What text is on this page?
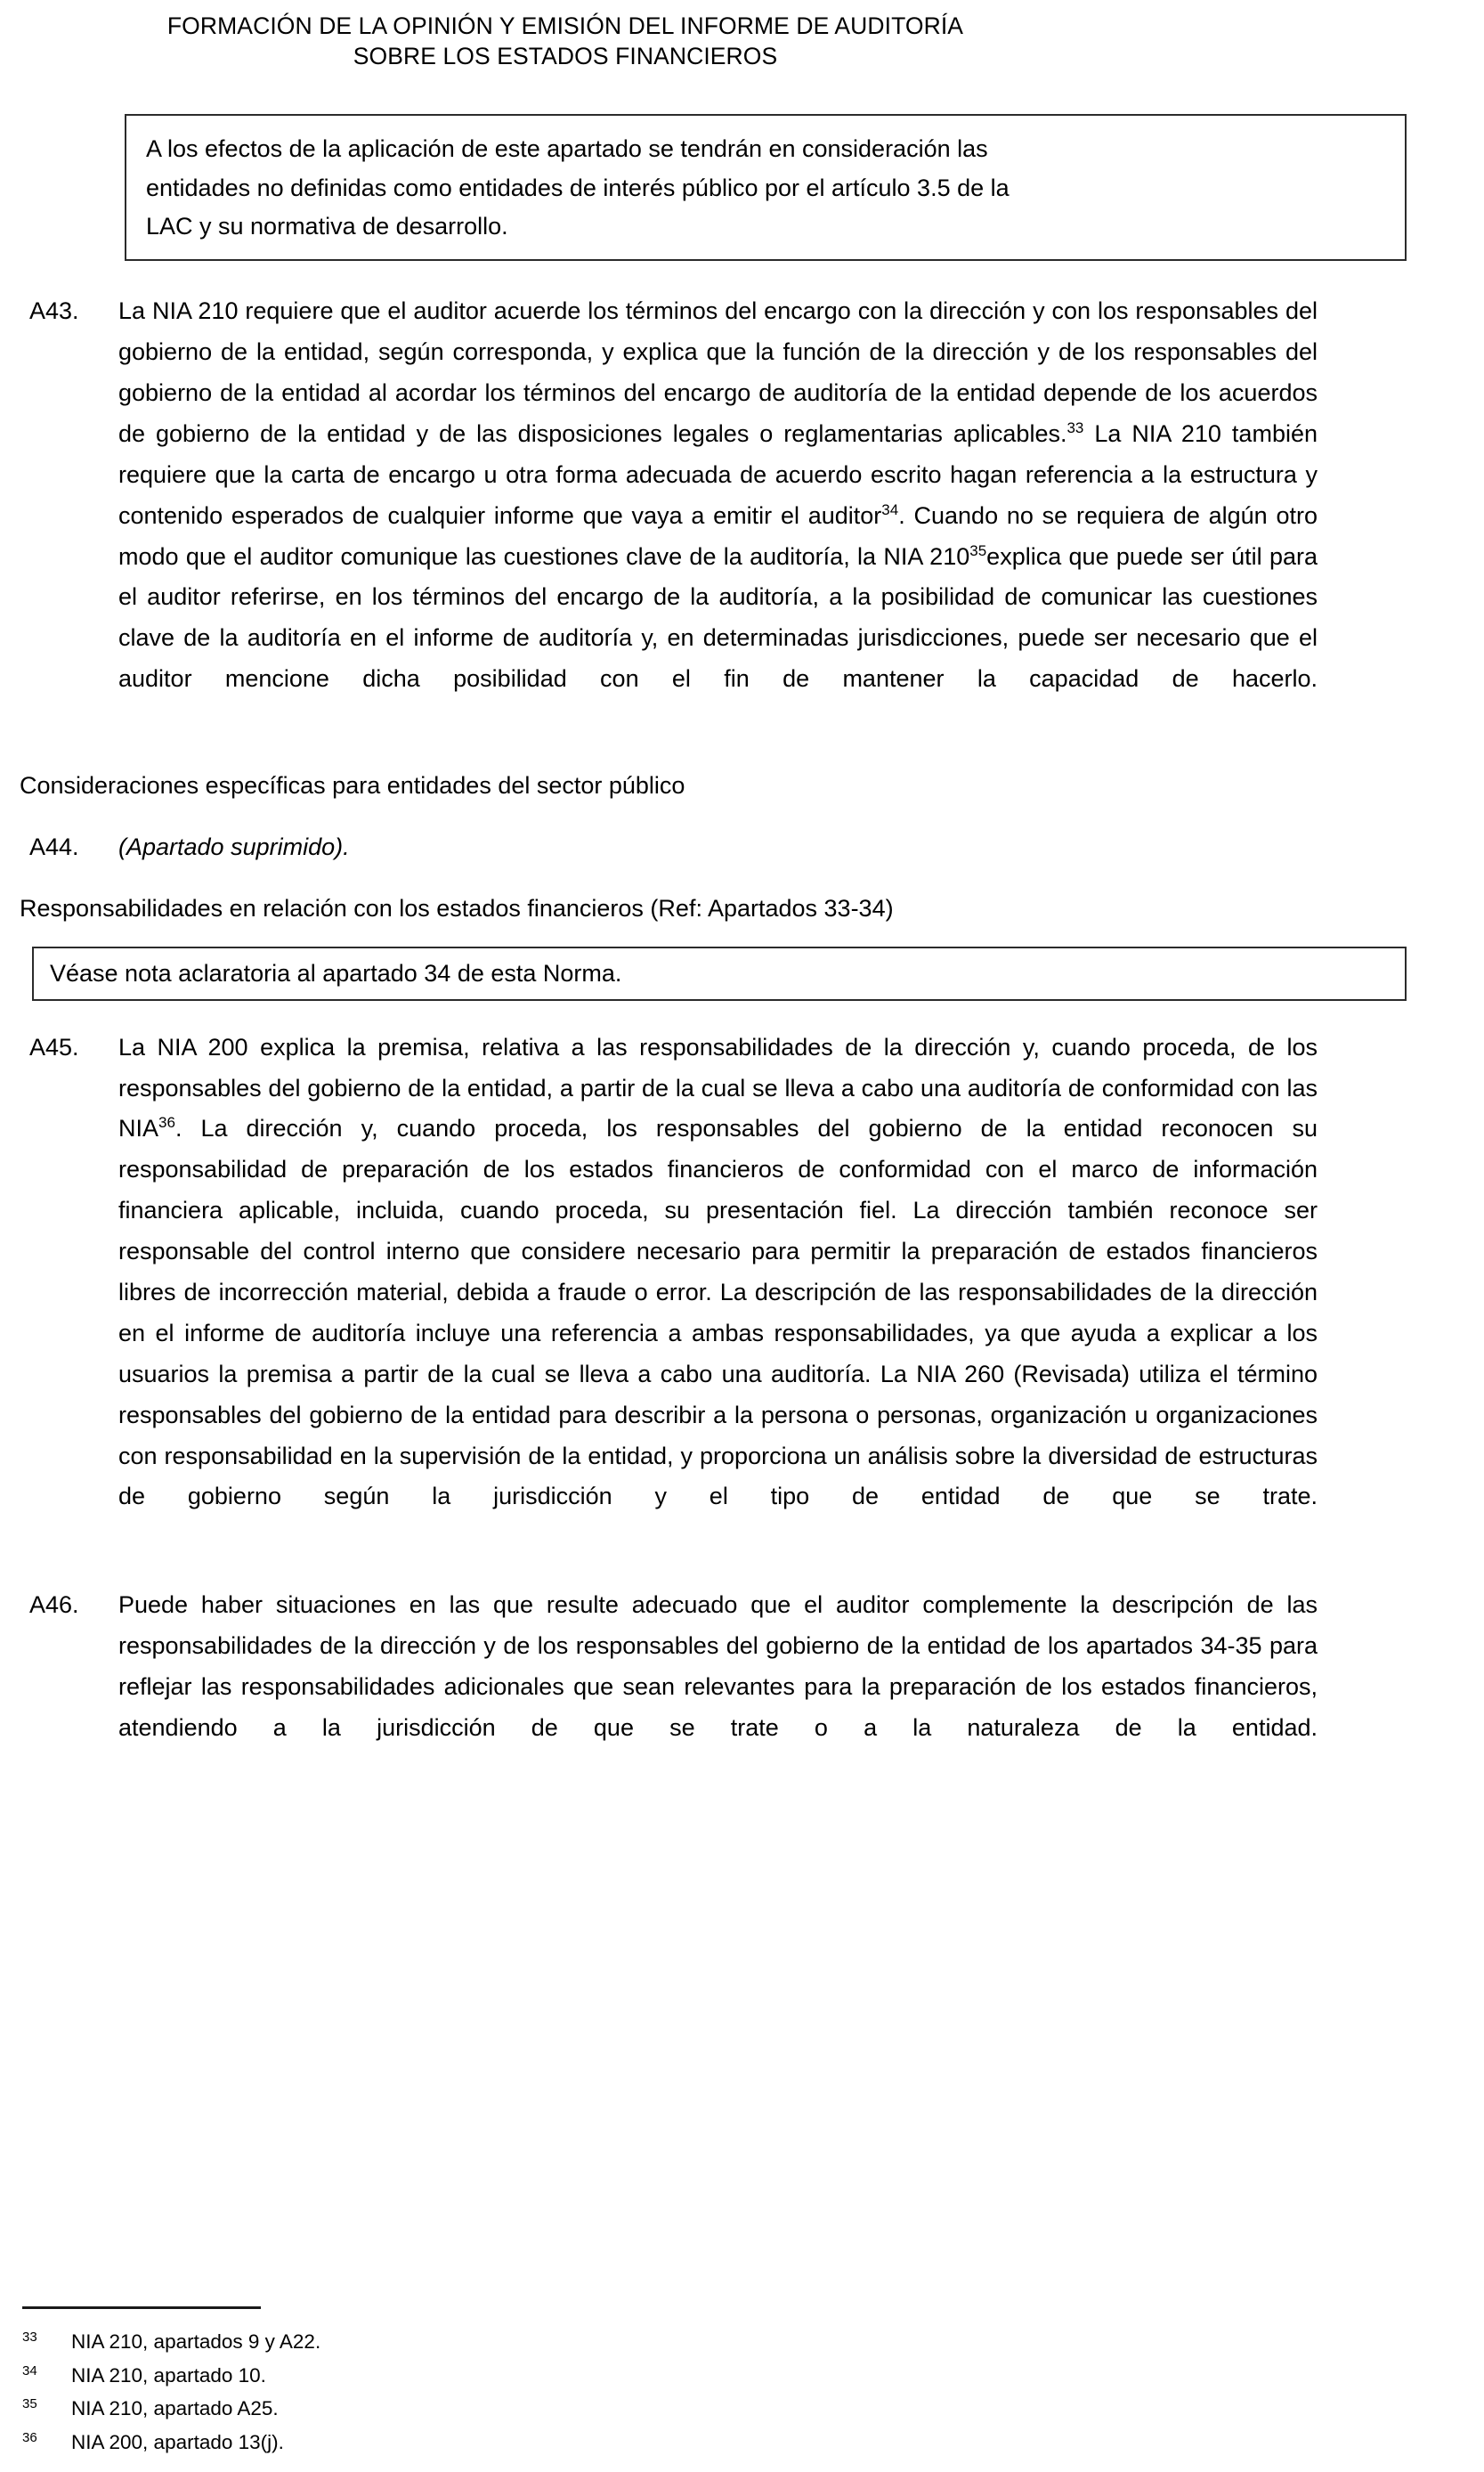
FORMACIÓN DE LA OPINIÓN Y EMISIÓN DEL INFORME DE AUDITORÍA
SOBRE LOS ESTADOS FINANCIEROS

A los efectos de la aplicación de este apartado se tendrán en consideración las

entidades no definidas como entidades de interés público por el artículo 3.5 de la

LAC y su normativa de desarrollo.

A43.	La NIA 210 requiere que el auditor acuerde los términos del encargo con la dirección y con los responsables del gobierno de la entidad, según corresponda, y explica que la función de la dirección y de los responsables del gobierno de la entidad al acordar los términos del encargo de auditoría de la entidad depende de los acuerdos de gobierno de la entidad y de las disposiciones legales o reglamentarias aplicables.$^{33}$ La NIA 210 también requiere que la carta de encargo u otra forma adecuada de acuerdo escrito hagan referencia a la estructura y contenido esperados de cualquier informe que vaya a emitir el auditor$^{34}$. Cuando no se requiera de algún otro modo que el auditor comunique las cuestiones clave de la auditoría, la NIA $210^{35}explica$ que puede ser útil para el auditor referirse, en los términos del encargo de la auditoría, a la posibilidad de comunicar las cuestiones clave de la auditoría en el informe de auditoría y, en determinadas jurisdicciones, puede ser necesario que el auditor mencione dicha posibilidad con el fin de mantener la capacidad de hacerlo.
Consideraciones específicas para entidades del sector público
A44.	(Apartado suprimido).
Responsabilidades en relación con los estados financieros (Ref: Apartados 33-34)

Véase nota aclaratoria al apartado 34 de esta Norma.

A45.	La NIA 200 explica la premisa, relativa a las responsabilidades de la dirección y, cuando proceda, de los responsables del gobierno de la entidad, a partir de la cual se lleva a cabo una auditoría de conformidad con las NIA$^{36}$. La dirección y, cuando proceda, los responsables del gobierno de la entidad reconocen su responsabilidad de preparación de los estados financieros de conformidad con el marco de información financiera aplicable, incluida, cuando proceda, su presentación fiel. La dirección también reconoce ser responsable del control interno que considere necesario para permitir la preparación de estados financieros libres de incorrección material, debida a fraude o error. La descripción de las responsabilidades de la dirección en el informe de auditoría incluye una referencia a ambas responsabilidades, ya que ayuda a explicar a los usuarios la premisa a partir de la cual se lleva a cabo una auditoría. La NIA 260 (Revisada) utiliza el término responsables del gobierno de la entidad para describir a la persona o personas, organización u organizaciones con responsabilidad en la supervisión de la entidad, y proporciona un análisis sobre la diversidad de estructuras de gobierno según la jurisdicción y el tipo de entidad de que se trate.
A46.	Puede haber situaciones en las que resulte adecuado que el auditor complemente la descripción de las responsabilidades de la dirección y de los responsables del gobierno de la entidad de los apartados 34-35 para reflejar las responsabilidades adicionales que sean relevantes para la preparación de los estados financieros, atendiendo a la jurisdicción de que se trate o a la naturaleza de la entidad.
33 NIA 210, apartados 9 y A22.
34 NIA 210, apartado 10.
35 NIA 210, apartado A25.
36 NIA 200, apartado 13(j).
